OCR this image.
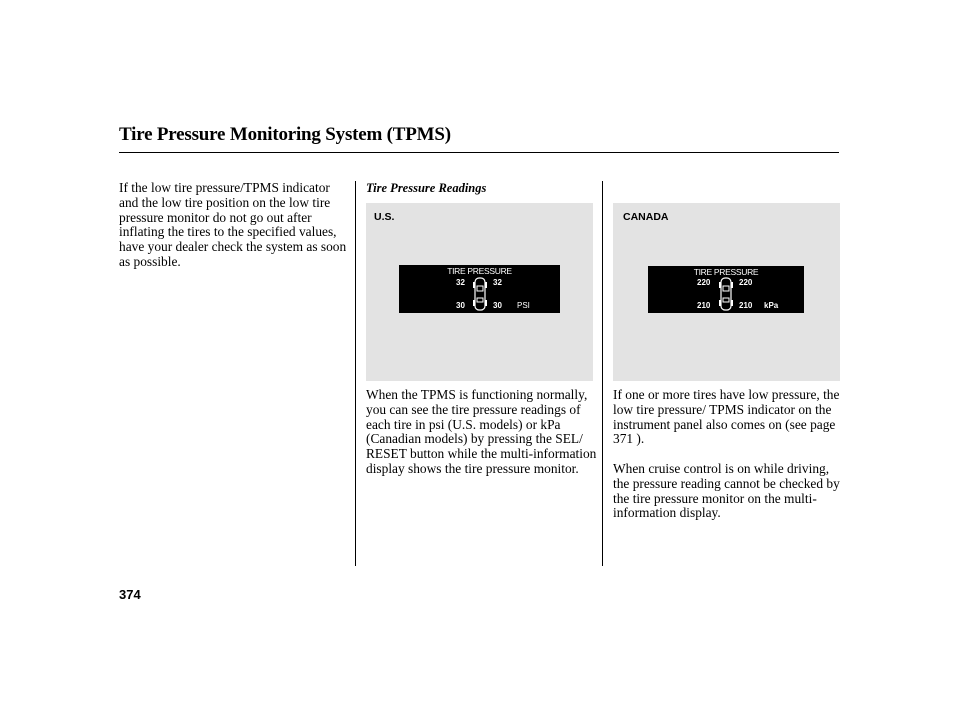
Tire Pressure Monitoring System (TPMS)

If the low tire pressure/TPMS indicator and the low tire position on the low tire pressure monitor do not go out after inflating the tires to the specified values, have your dealer check the system as soon as possible.

Tire Pressure Readings
U.S.
TIRE PRESSURE
32	32
30	30 PSI

When the TPMS is functioning normally, you can see the tire pressure readings of each tire in psi (U.S. models) or kPa (Canadian models) by pressing the SEL/ RESET button while the multi-information display shows the tire pressure monitor.

CANADA
TIRE PRESSURE
220	220
210	210 kPa

If one or more tires have low pressure, the low tire pressure/ TPMS indicator on the instrument panel also comes on (see page 371 ).

When cruise control is on while driving, the pressure reading cannot be checked by the tire pressure monitor on the multi-information display.

374
